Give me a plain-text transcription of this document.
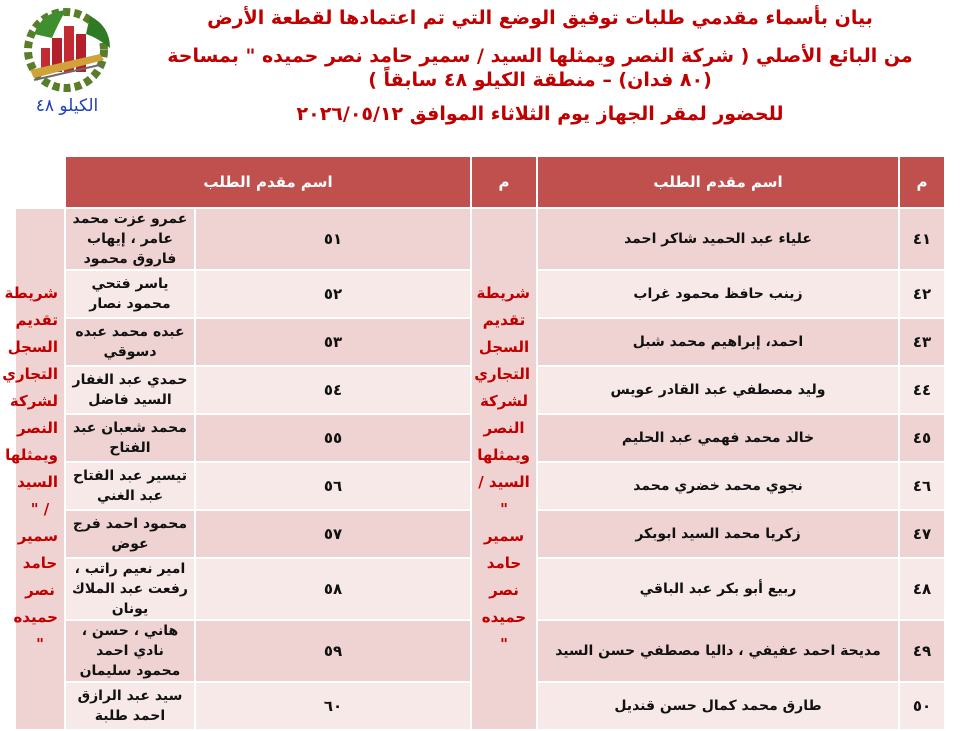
الكيلو ٤٨
بيان بأسماء مقدمي طلبات توفيق الوضع التي تم اعتمادها لقطعة الأرض
من البائع الأصلي ( شركة النصر ويمثلها السيد / سمير حامد نصر حميده " بمساحة
(٨٠ فدان) – منطقة الكيلو ٤٨ سابقاً )
للحضور لمقر الجهاز يوم الثلاثاء الموافق ٢٠٢٦/٠٥/١٢
م	اسم مقدم الطلب	م	اسم مقدم الطلب		
٤١	علياء عبد الحميد شاكر احمد	شريطة تقديم السجل التجاري لشركة النصر ويمثلها السيد / " سمير حامد نصر حميده "	٥١	عمرو عزت محمد عامر ، إيهاب فاروق محمود	شريطة تقديم السجل التجاري لشركة النصر ويمثلها السيد / " سمير حامد نصر حميده "
٤٢	زينب حافظ محمود غراب		٥٢	ياسر فتحي محمود نصار	
٤٣	احمد، إبراهيم محمد شبل		٥٣	عبده محمد عبده دسوقي	
٤٤	وليد مصطفي عبد القادر عويس		٥٤	حمدي عبد الغفار السيد فاضل	
٤٥	خالد محمد فهمي عبد الحليم		٥٥	محمد شعبان عبد الفتاح	
٤٦	نجوي محمد خضري محمد		٥٦	تيسير عبد الفتاح عبد الغني	
٤٧	زكريا محمد السيد ابوبكر		٥٧	محمود احمد فرج عوض	
٤٨	ربيع أبو بكر عبد الباقي		٥٨	امير نعيم راتب ، رفعت عبد الملاك يونان	
٤٩	مديحة احمد عفيفي ، داليا مصطفي حسن السيد		٥٩	هاني ، حسن ، نادي احمد محمود سليمان	
٥٠	طارق محمد كمال حسن قنديل		٦٠	سيد عبد الرازق احمد طلبة	
